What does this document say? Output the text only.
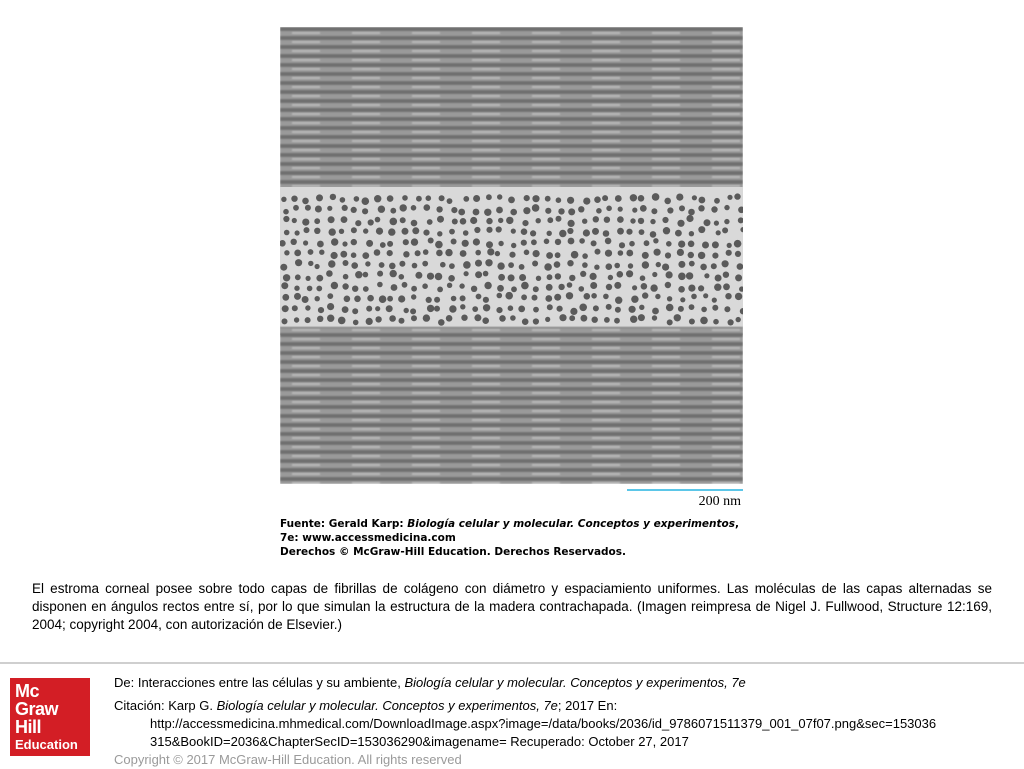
200 nm
Fuente: Gerald Karp: Biología celular y molecular. Conceptos y experimentos, 7e: www.accessmedicina.com
Derechos © McGraw-Hill Education. Derechos Reservados.
El estroma corneal posee sobre todo capas de fibrillas de colágeno con diámetro y espaciamiento uniformes. Las moléculas de las capas alternadas se disponen en ángulos rectos entre sí, por lo que simulan la estructura de la madera contrachapada. (Imagen reimpresa de Nigel J. Fullwood, Structure 12:169, 2004; copyright 2004, con autorización de Elsevier.)
Mc
Graw
Hill
Education

De: Interacciones entre las células y su ambiente, Biología celular y molecular. Conceptos y experimentos, 7e

Citación: Karp G. Biología celular y molecular. Conceptos y experimentos, 7e; 2017 En:

http://accessmedicina.mhmedical.com/DownloadImage.aspx?image=/data/books/2036/id_9786071511379_001_07f07.png&sec=153036

315&BookID=2036&ChapterSecID=153036290&imagename= Recuperado: October 27, 2017

Copyright © 2017 McGraw-Hill Education. All rights reserved
